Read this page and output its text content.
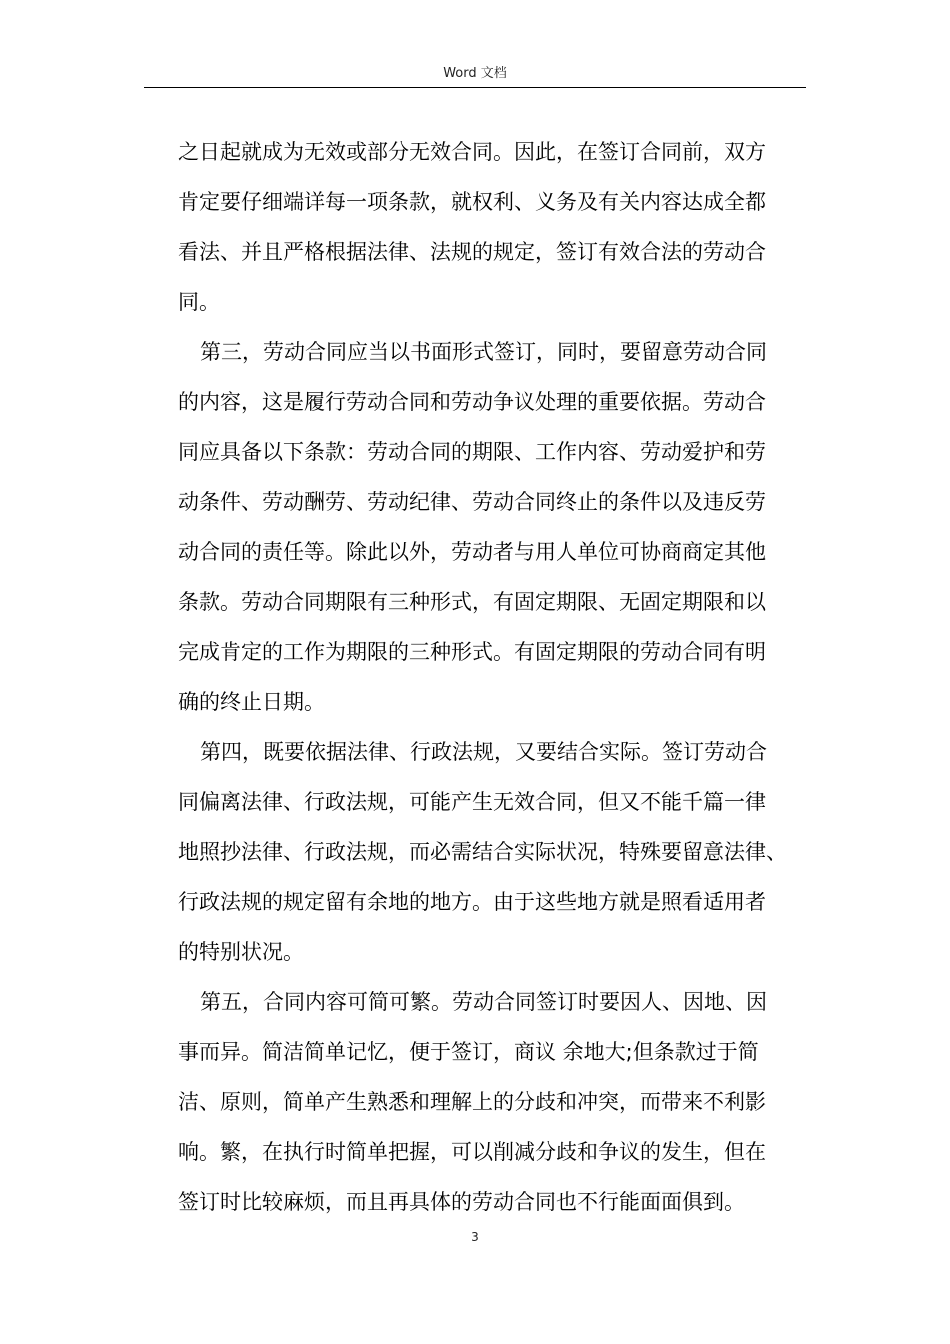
Word 文档
之日起就成为无效或部分无效合同。因此，在签订合同前，双方
肯定要仔细端详每一项条款，就权利、义务及有关内容达成全都
看法、并且严格根据法律、法规的规定，签订有效合法的劳动合
同。
第三，劳动合同应当以书面形式签订，同时，要留意劳动合同
的内容，这是履行劳动合同和劳动争议处理的重要依据。劳动合
同应具备以下条款：劳动合同的期限、工作内容、劳动爱护和劳
动条件、劳动酬劳、劳动纪律、劳动合同终止的条件以及违反劳
动合同的责任等。除此以外，劳动者与用人单位可协商商定其他
条款。劳动合同期限有三种形式，有固定期限、无固定期限和以
完成肯定的工作为期限的三种形式。有固定期限的劳动合同有明
确的终止日期。
第四，既要依据法律、行政法规，又要结合实际。签订劳动合
同偏离法律、行政法规，可能产生无效合同，但又不能千篇一律
地照抄法律、行政法规，而必需结合实际状况，特殊要留意法律、
行政法规的规定留有余地的地方。由于这些地方就是照看适用者
的特别状况。
第五，合同内容可简可繁。劳动合同签订时要因人、因地、因
事而异。简洁简单记忆，便于签订，商议 余地大;但条款过于简
洁、原则，简单产生熟悉和理解上的分歧和冲突，而带来不利影
响。繁，在执行时简单把握，可以削减分歧和争议的发生，但在
签订时比较麻烦，而且再具体的劳动合同也不行能面面俱到。
3
